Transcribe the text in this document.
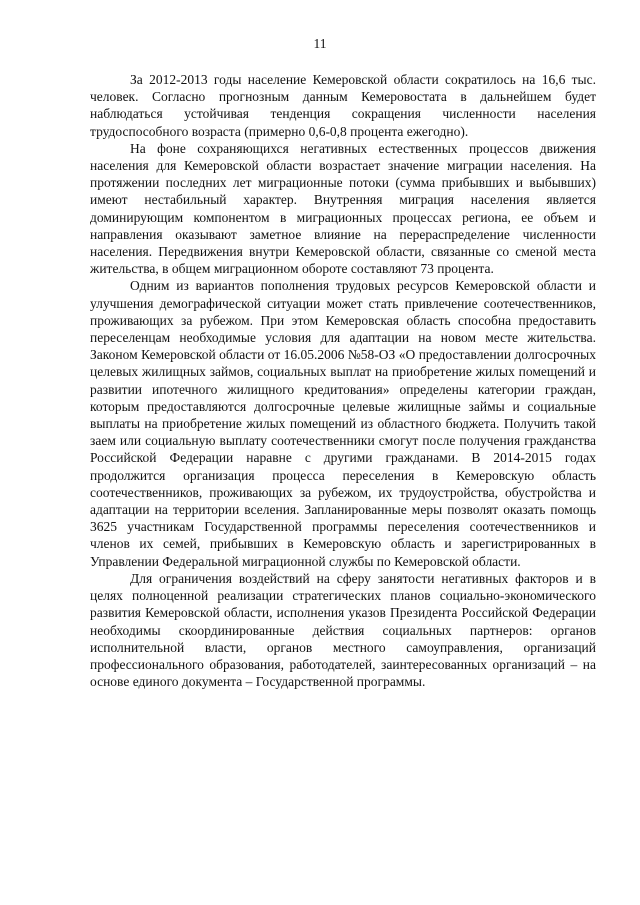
11

За 2012-2013 годы население Кемеровской области сократилось на 16,6 тыс. человек. Согласно прогнозным данным Кемеровостата в дальнейшем будет наблюдаться устойчивая тенденция сокращения численности населения трудоспособного возраста (примерно 0,6-0,8 процента ежегодно).

На фоне сохраняющихся негативных естественных процессов движения населения для Кемеровской области возрастает значение миграции населения. На протяжении последних лет миграционные потоки (сумма прибывших и выбывших) имеют нестабильный характер. Внутренняя миграция населения является доминирующим компонентом в миграционных процессах региона, ее объем и направления оказывают заметное влияние на перераспределение численности населения. Передвижения внутри Кемеровской области, связанные со сменой места жительства, в общем миграционном обороте составляют 73 процента.

Одним из вариантов пополнения трудовых ресурсов Кемеровской области и улучшения демографической ситуации может стать привлечение соотечественников, проживающих за рубежом. При этом Кемеровская область способна предоставить переселенцам необходимые условия для адаптации на новом месте жительства. Законом Кемеровской области от 16.05.2006 №58-ОЗ «О предоставлении долгосрочных целевых жилищных займов, социальных выплат на приобретение жилых помещений и развитии ипотечного жилищного кредитования» определены категории граждан, которым предоставляются долгосрочные целевые жилищные займы и социальные выплаты на приобретение жилых помещений из областного бюджета. Получить такой заем или социальную выплату соотечественники смогут после получения гражданства Российской Федерации наравне с другими гражданами. В 2014-2015 годах продолжится организация процесса переселения в Кемеровскую область соотечественников, проживающих за рубежом, их трудоустройства, обустройства и адаптации на территории вселения. Запланированные меры позволят оказать помощь 3625 участникам Государственной программы переселения соотечественников и членов их семей, прибывших в Кемеровскую область и зарегистрированных в Управлении Федеральной миграционной службы по Кемеровской области.

Для ограничения воздействий на сферу занятости негативных факторов и в целях полноценной реализации стратегических планов социально-экономического развития Кемеровской области, исполнения указов Президента Российской Федерации необходимы скоординированные действия социальных партнеров: органов исполнительной власти, органов местного самоуправления, организаций профессионального образования, работодателей, заинтересованных организаций – на основе единого документа – Государственной программы.
